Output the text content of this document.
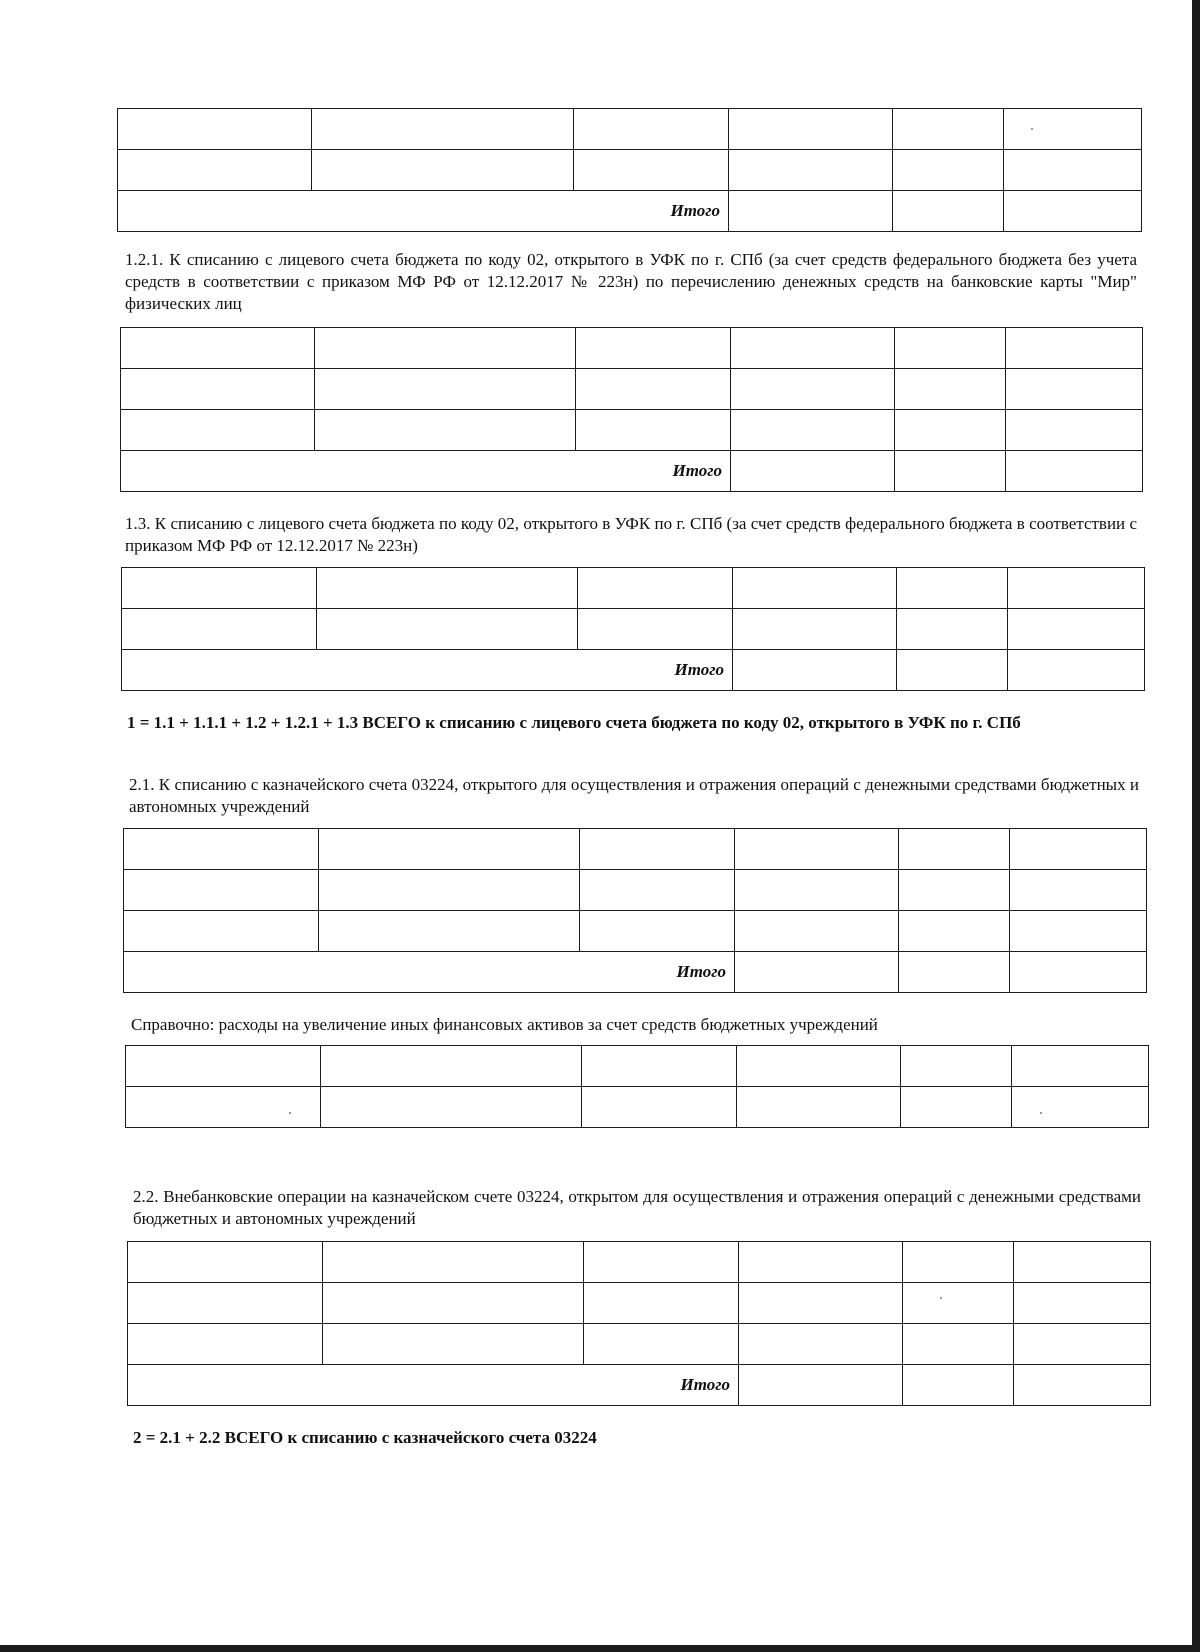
Итого					
1.2.1. К списанию с лицевого счета бюджета по коду 02, открытого в УФК по г. СПб (за счет средств федерального бюджета без учета средств в соответствии с приказом МФ РФ от 12.12.2017 № 223н) по перечислению денежных средств на банковские карты "Мир" физических лиц

Итого					
1.3. К списанию с лицевого счета бюджета по коду 02, открытого в УФК по г. СПб (за счет средств федерального бюджета в соответствии с приказом МФ РФ от 12.12.2017 № 223н)

Итого					
1 = 1.1 + 1.1.1 + 1.2 + 1.2.1 + 1.3 ВСЕГО к списанию с лицевого счета бюджета по коду 02, открытого в УФК по г. СПб
2.1. К списанию с казначейского счета 03224, открытого для осуществления и отражения операций с денежными средствами бюджетных и автономных учреждений

Итого					
Справочно: расходы на увеличение иных финансовых активов за счет средств бюджетных учреждений

2.2. Внебанковские операции на казначейском счете 03224, открытом для осуществления и отражения операций с денежными средствами бюджетных и автономных учреждений

Итого					
2 = 2.1 + 2.2 ВСЕГО к списанию с казначейского счета 03224
